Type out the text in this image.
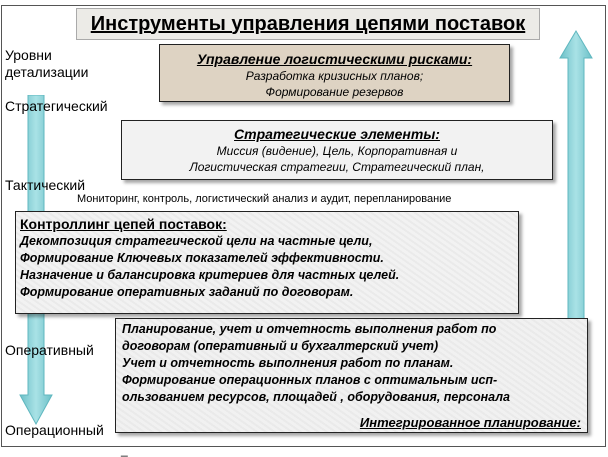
Инструменты управления цепями поставок
Уровни
детализации
Стратегический
Тактический
Оперативный
Операционный
Управление логистическими рисками:
Разработка кризисных планов;
Формирование резервов
Стратегические элементы:
Миссия (видение), Цель, Корпоративная и
Логистическая стратегии, Стратегический план,
Мониторинг, контроль, логистический анализ и аудит, перепланирование
Контроллинг цепей поставок:
Декомпозиция стратегической цели на частные цели,
Формирование Ключевых показателей эффективности.
Назначение и балансировка критериев для частных целей.
Формирование оперативных заданий по договорам.
Планирование, учет и отчетность выполнения работ по
договорам (оперативный и бухгалтерский учет)
Учет и отчетность выполнения работ по планам.
Формирование операционных планов с оптимальным исп-
ользованием ресурсов, площадей , оборудования, персонала
Интегрированное планирование:
_
